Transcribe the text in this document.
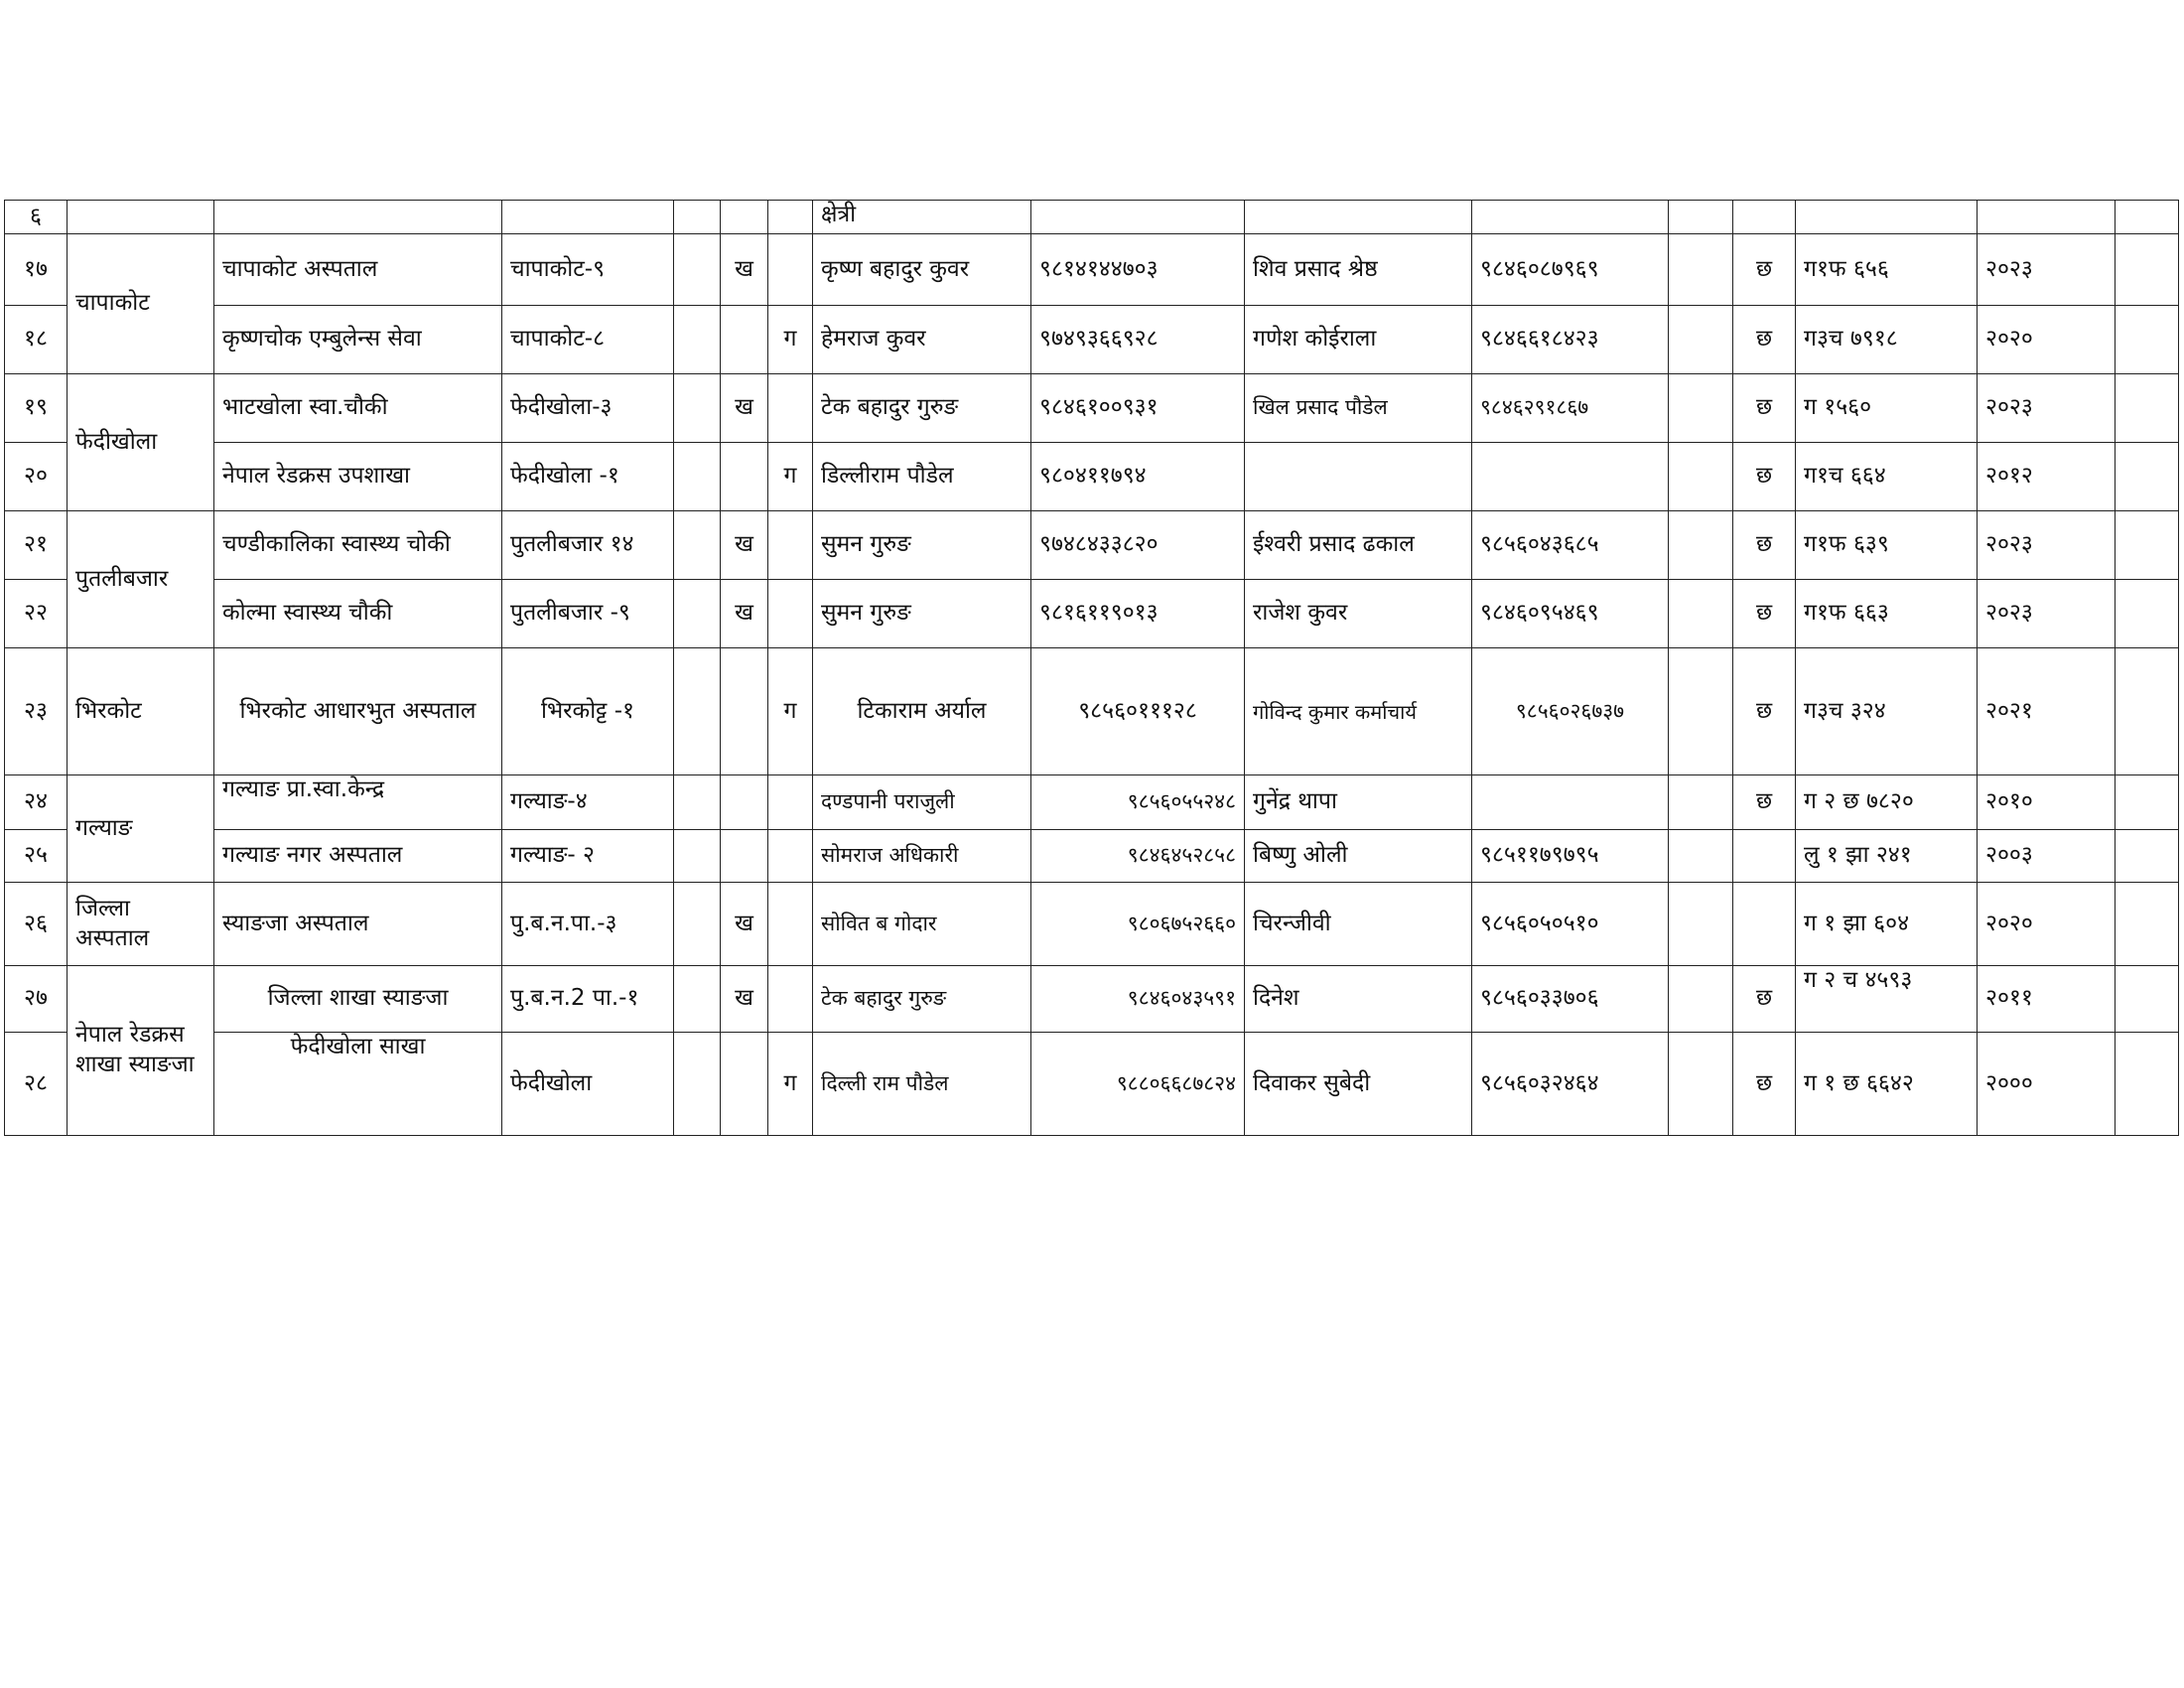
६							क्षेत्री								
१७	चापाकोट	चापाकोट अस्पताल	चापाकोट-९		ख		कृष्ण बहादुर कुवर	९८१४१४४७०३	शिव प्रसाद श्रेष्ठ	९८४६०८७९६९		छ	ग१फ ६५६	२०२३	
१८		कृष्णचोक एम्बुलेन्स सेवा	चापाकोट-८			ग	हेमराज कुवर	९७४९३६६९२८	गणेश कोईराला	९८४६६१८४२३		छ	ग३च ७९१८	२०२०	
१९	फेदीखोला	भाटखोला स्वा.चौकी	फेदीखोला-३		ख		टेक बहादुर गुरुङ	९८४६१००९३१	खिल प्रसाद पौडेल	९८४६२९१८६७		छ	ग १५६०	२०२३	
२०		नेपाल रेडक्रस उपशाखा	फेदीखोला -१			ग	डिल्लीराम पौडेल	९८०४११७९४				छ	ग१च ६६४	२०१२	
२१	पुतलीबजार	चण्डीकालिका स्वास्थ्य चोकी	पुतलीबजार १४		ख		सुमन गुरुङ	९७४८४३३८२०	ईश्वरी प्रसाद ढकाल	९८५६०४३६८५		छ	ग१फ ६३९	२०२३	
२२		कोल्मा स्वास्थ्य चौकी	पुतलीबजार -९		ख		सुमन गुरुङ	९८१६११९०१३	राजेश कुवर	९८४६०९५४६९		छ	ग१फ ६६३	२०२३	
२३	भिरकोट	भिरकोट आधारभुत अस्पताल	भिरकोट्ट -१			ग	टिकाराम अर्याल	९८५६०१११२८	गोविन्द कुमार कर्माचार्य	९८५६०२६७३७		छ	ग३च ३२४	२०२१	
२४	गल्याङ	गल्याङ प्रा.स्वा.केन्द्र	गल्याङ-४				दण्डपानी पराजुली	९८५६०५५२४८	गुनेंद्र थापा			छ	ग २ छ ७८२०	२०१०	
२५		गल्याङ नगर अस्पताल	गल्याङ- २				सोमराज अधिकारी	९८४६४५२८५८	बिष्णु ओली	९८५११७९७९५			लु १ झा २४१	२००३	
२६	जिल्ला अस्पताल	स्याङजा अस्पताल	पु.ब.न.पा.-३		ख		सोवित ब गोदार	९८०६७५२६६०	चिरन्जीवी	९८५६०५०५१०			ग १ झा ६०४	२०२०	
२७	नेपाल रेडक्रस शाखा स्याङजा	जिल्ला शाखा स्याङजा	पु.ब.न.2 पा.-१		ख		टेक बहादुर गुरुङ	९८४६०४३५९१	दिनेश	९८५६०३३७०६		छ	ग २ च ४५९३	२०११	
२८		फेदीखोला साखा	फेदीखोला			ग	दिल्ली राम पौडेल	९८८०६६८७८२४	दिवाकर सुबेदी	९८५६०३२४६४		छ	ग १ छ ६६४२	२०००	
